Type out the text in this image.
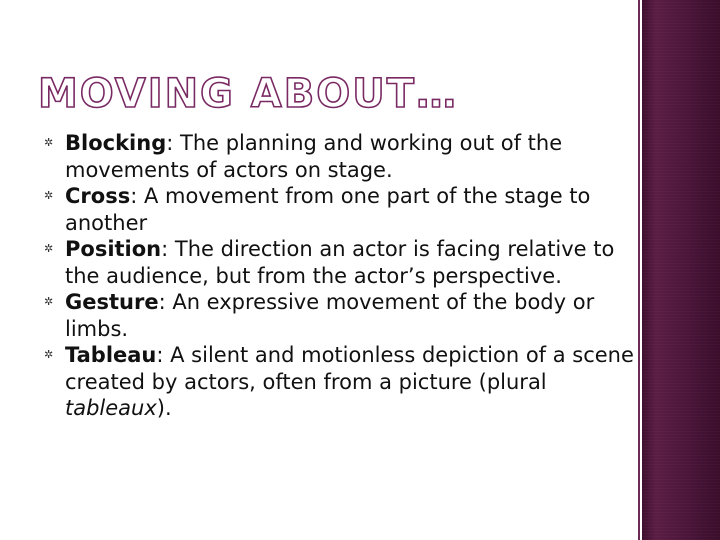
MOVING ABOUT…
✲ Blocking: The planning and working out of the movements of actors on stage.
✲ Cross: A movement from one part of the stage to another
✲ Position: The direction an actor is facing relative to the audience, but from the actor’s perspective.
✲ Gesture: An expressive movement of the body or limbs.
✲ Tableau: A silent and motionless depiction of a scene created by actors, often from a picture (plural tableaux).
